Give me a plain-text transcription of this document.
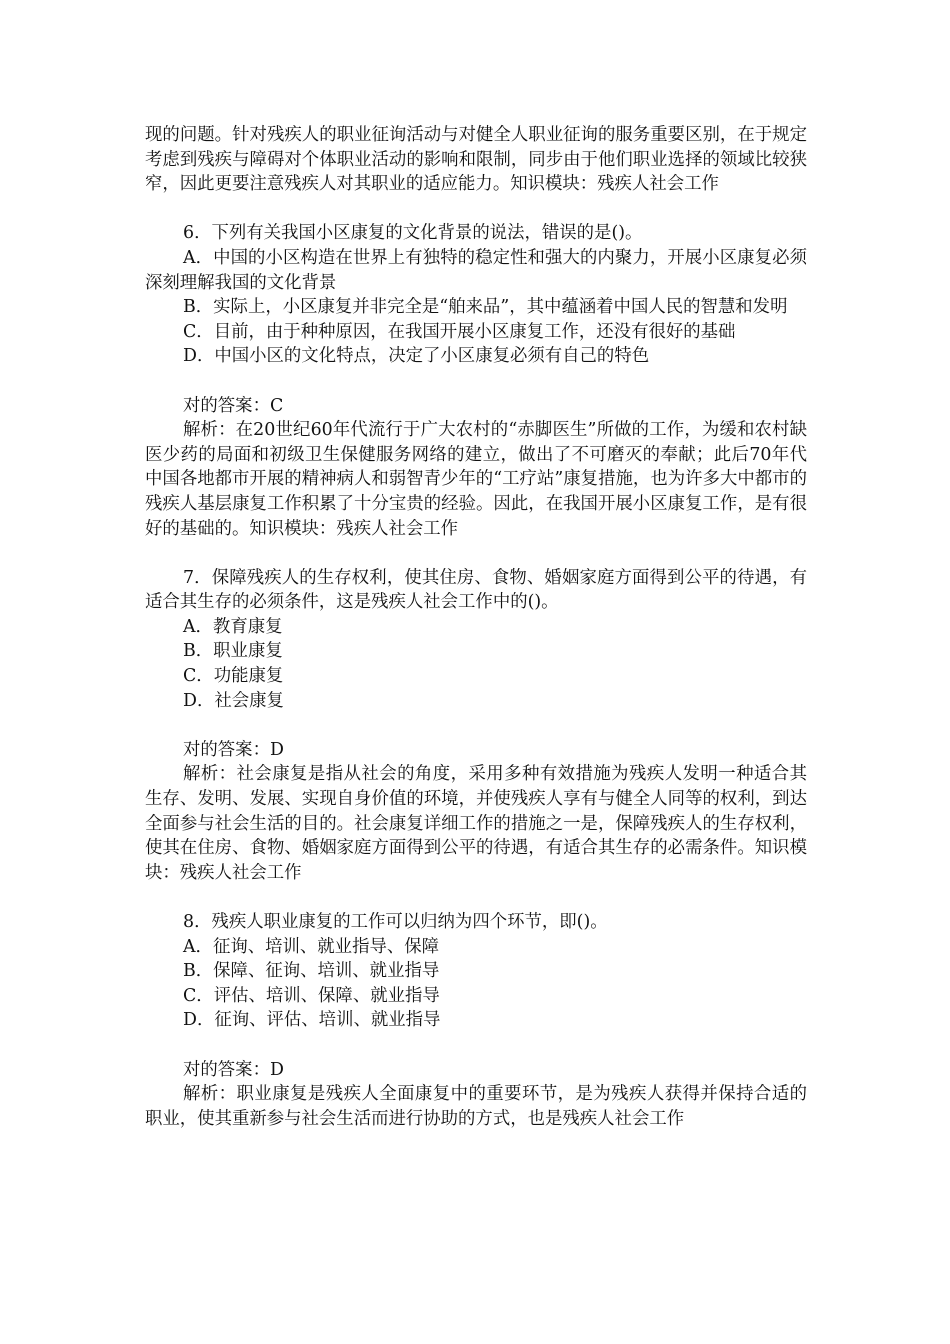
现的问题。针对残疾人的职业征询活动与对健全人职业征询的服务重要区别，在于规定考虑到残疾与障碍对个体职业活动的影响和限制，同步由于他们职业选择的领域比较狭窄，因此更要注意残疾人对其职业的适应能力。知识模块：残疾人社会工作

6．下列有关我国小区康复的文化背景的说法，错误的是()。

A．中国的小区构造在世界上有独特的稳定性和强大的内聚力，开展小区康复必须深刻理解我国的文化背景

B．实际上，小区康复并非完全是“舶来品”，其中蕴涵着中国人民的智慧和发明

C．目前，由于种种原因，在我国开展小区康复工作，还没有很好的基础

D．中国小区的文化特点，决定了小区康复必须有自己的特色

对的答案：C

解析：在20世纪60年代流行于广大农村的“赤脚医生”所做的工作，为缓和农村缺医少药的局面和初级卫生保健服务网络的建立，做出了不可磨灭的奉献；此后70年代中国各地都市开展的精神病人和弱智青少年的“工疗站”康复措施，也为许多大中都市的残疾人基层康复工作积累了十分宝贵的经验。因此，在我国开展小区康复工作，是有很好的基础的。知识模块：残疾人社会工作

7．保障残疾人的生存权利，使其住房、食物、婚姻家庭方面得到公平的待遇，有适合其生存的必须条件，这是残疾人社会工作中的()。

A．教育康复

B．职业康复

C．功能康复

D．社会康复

对的答案：D

解析：社会康复是指从社会的角度，采用多种有效措施为残疾人发明一种适合其生存、发明、发展、实现自身价值的环境，并使残疾人享有与健全人同等的权利，到达全面参与社会生活的目的。社会康复详细工作的措施之一是，保障残疾人的生存权利，使其在住房、食物、婚姻家庭方面得到公平的待遇，有适合其生存的必需条件。知识模块：残疾人社会工作

8．残疾人职业康复的工作可以归纳为四个环节，即()。

A．征询、培训、就业指导、保障

B．保障、征询、培训、就业指导

C．评估、培训、保障、就业指导

D．征询、评估、培训、就业指导

对的答案：D

解析：职业康复是残疾人全面康复中的重要环节，是为残疾人获得并保持合适的职业，使其重新参与社会生活而进行协助的方式，也是残疾人社会工作
